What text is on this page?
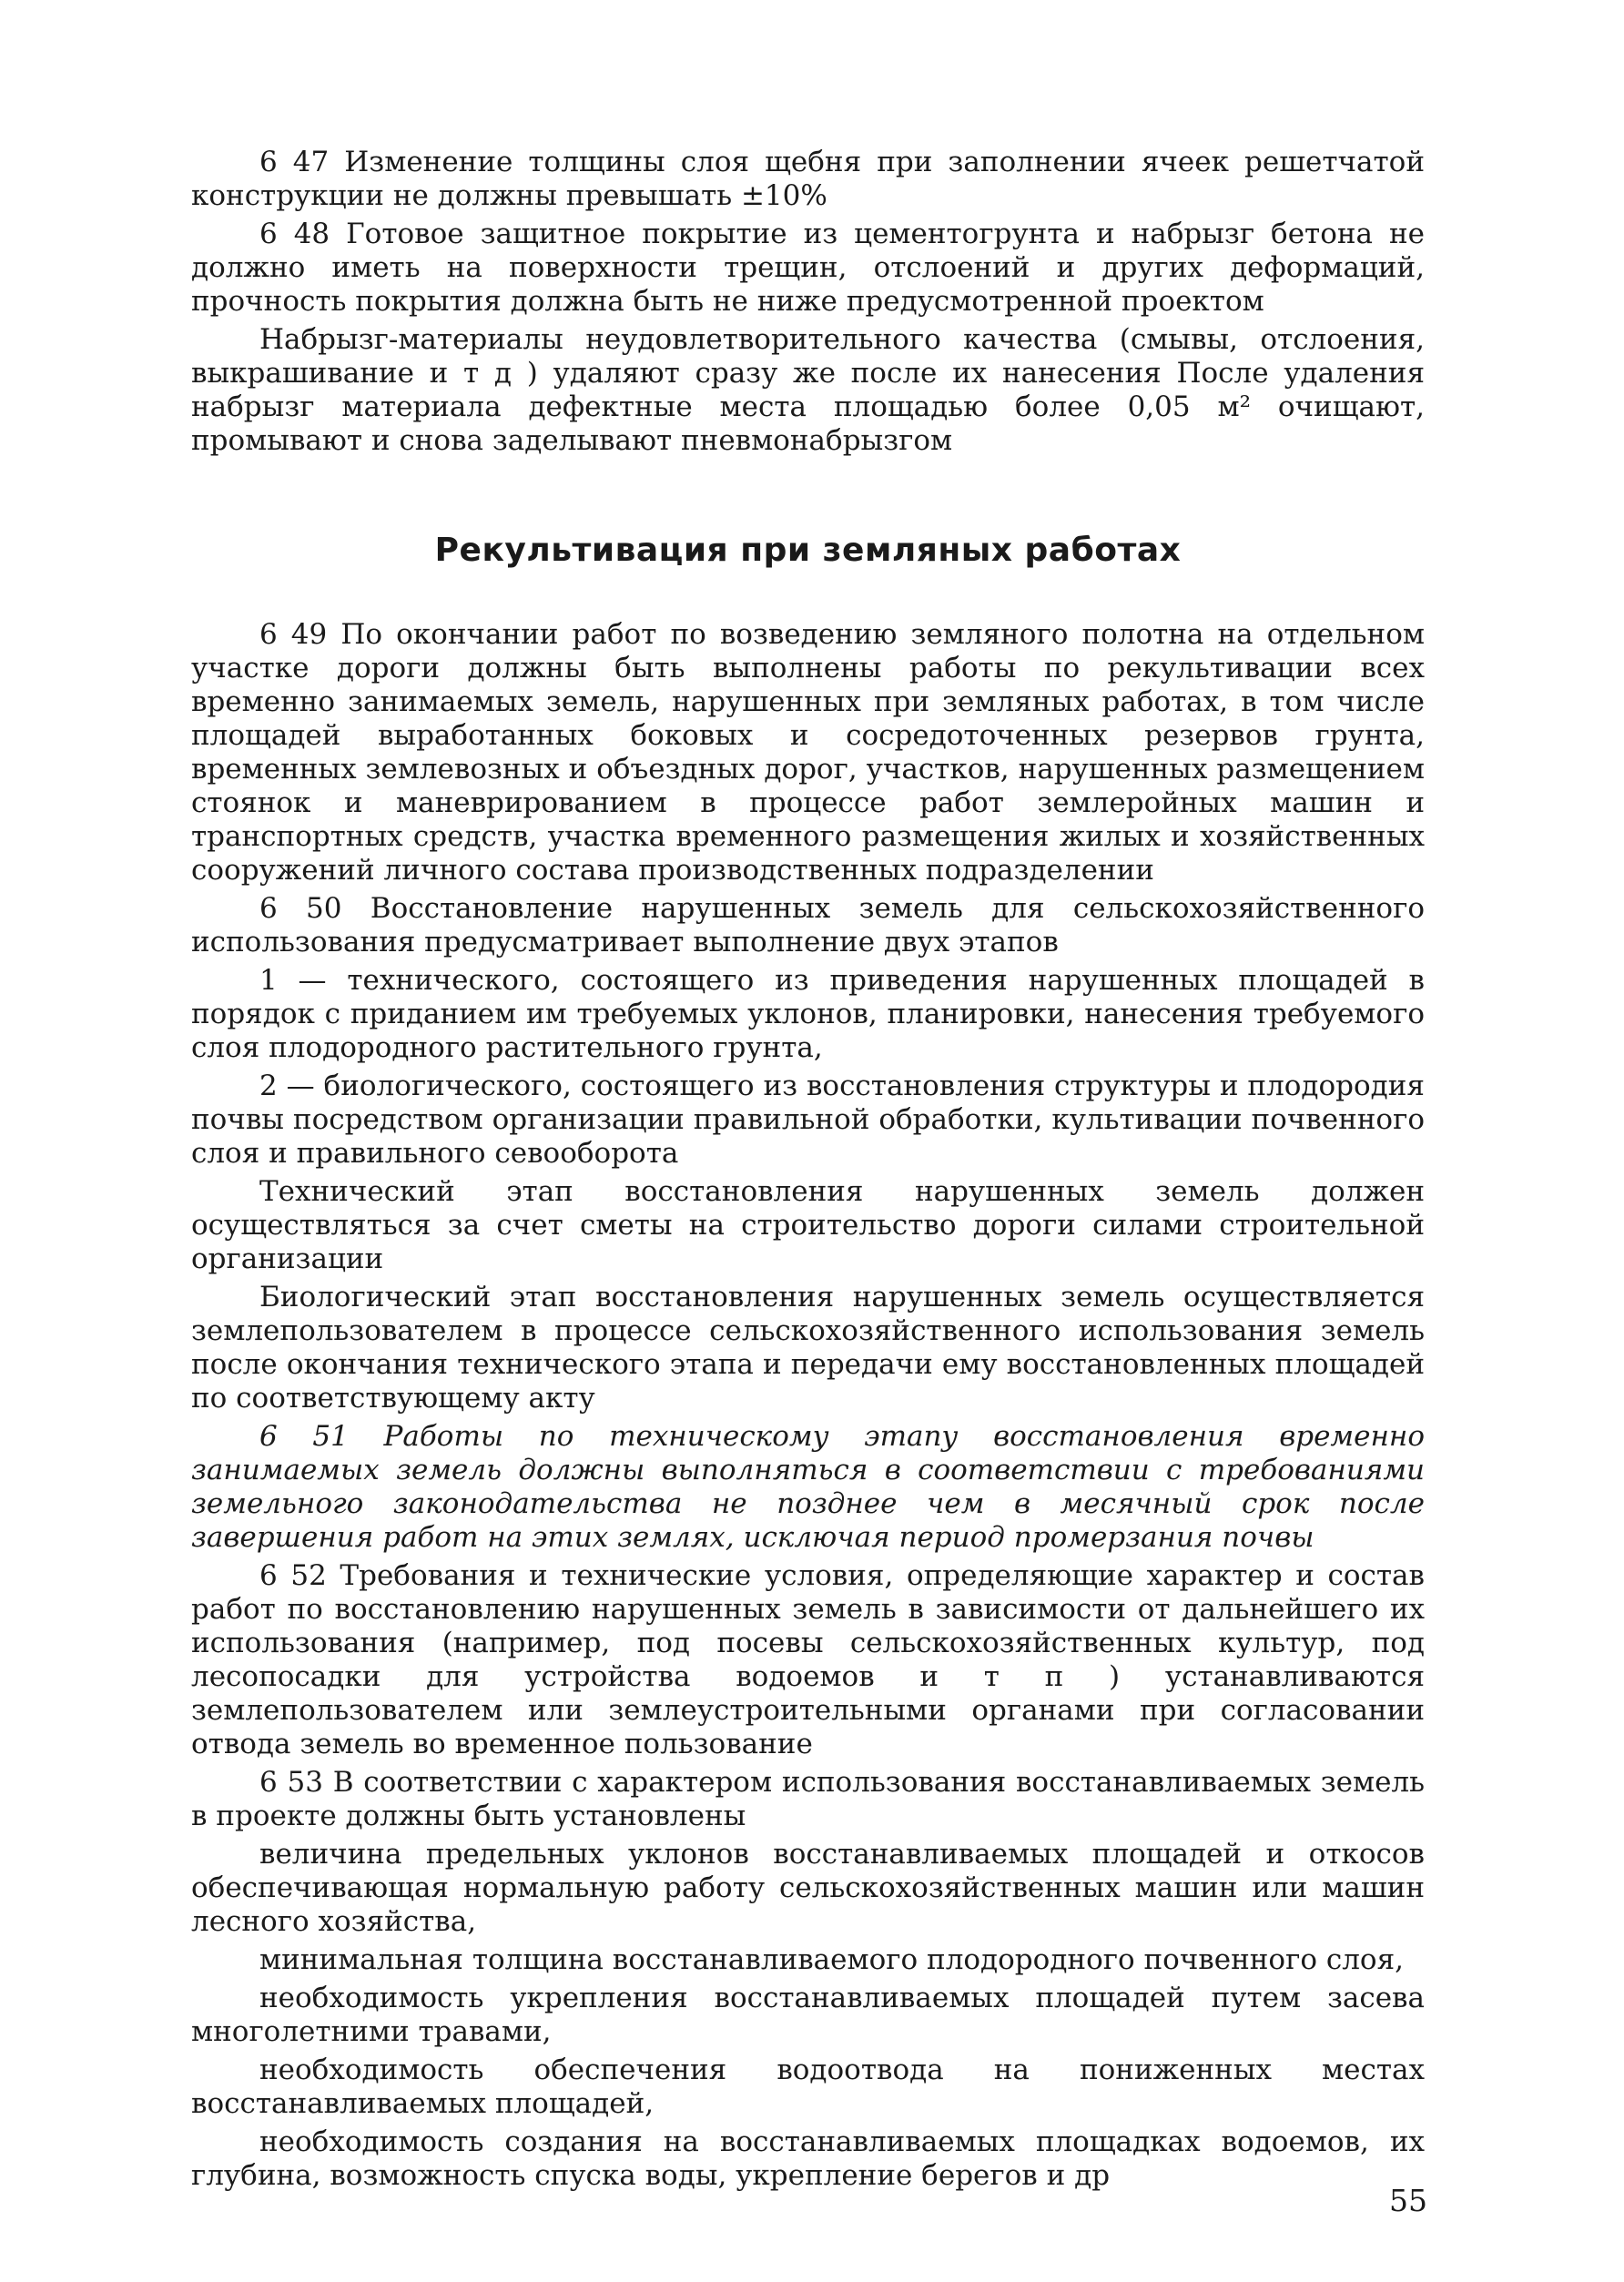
6 47 Изменение толщины слоя щебня при заполнении ячеек решетчатой конструкции не должны превышать ±10%

6 48 Готовое защитное покрытие из цементогрунта и набрызг бетона не должно иметь на поверхности трещин, отслоений и других деформаций, прочность покрытия должна быть не ниже предусмотренной проектом

Набрызг-материалы неудовлетворительного качества (смывы, отслоения, выкрашивание и т д ) удаляют сразу же после их нанесения После удаления набрызг материала дефектные места площадью более 0,05 м² очищают, промывают и снова заделывают пневмонабрызгом

Рекультивация при земляных работах

6 49 По окончании работ по возведению земляного полотна на отдельном участке дороги должны быть выполнены работы по рекультивации всех временно занимаемых земель, нарушенных при земляных работах, в том числе площадей выработанных боковых и сосредоточенных резервов грунта, временных землевозных и объездных дорог, участков, нарушенных размещением стоянок и маневрированием в процессе работ землеройных машин и транспортных средств, участка временного размещения жилых и хозяйственных сооружений личного состава производственных подразделении

6 50 Восстановление нарушенных земель для сельскохозяйственного использования предусматривает выполнение двух этапов

1 — технического, состоящего из приведения нарушенных площадей в порядок с приданием им требуемых уклонов, планировки, нанесения требуемого слоя плодородного растительного грунта,

2 — биологического, состоящего из восстановления структуры и плодородия почвы посредством организации правильной обработки, культивации почвенного слоя и правильного севооборота

Технический этап восстановления нарушенных земель должен осуществляться за счет сметы на строительство дороги силами строительной организации

Биологический этап восстановления нарушенных земель осуществляется землепользователем в процессе сельскохозяйственного использования земель после окончания технического этапа и передачи ему восстановленных площадей по соответствующему акту

6 51 Работы по техническому этапу восстановления временно занимаемых земель должны выполняться в соответствии с требованиями земельного законодательства не позднее чем в месячный срок после завершения работ на этих землях, исключая период промерзания почвы

6 52 Требования и технические условия, определяющие характер и состав работ по восстановлению нарушенных земель в зависимости от дальнейшего их использования (например, под посевы сельскохозяйственных культур, под лесопосадки для устройства водоемов и т п ) устанавливаются землепользователем или землеустроительными органами при согласовании отвода земель во временное пользование

6 53 В соответствии с характером использования восстанавливаемых земель в проекте должны быть установлены

величина предельных уклонов восстанавливаемых площадей и откосов обеспечивающая нормальную работу сельскохозяйственных машин или машин лесного хозяйства,

минимальная толщина восстанавливаемого плодородного почвенного слоя,

необходимость укрепления восстанавливаемых площадей путем засева многолетними травами,

необходимость обеспечения водоотвода на пониженных местах восстанавливаемых площадей,

необходимость создания на восстанавливаемых площадках водоемов, их глубина, возможность спуска воды, укрепление берегов и др

55
